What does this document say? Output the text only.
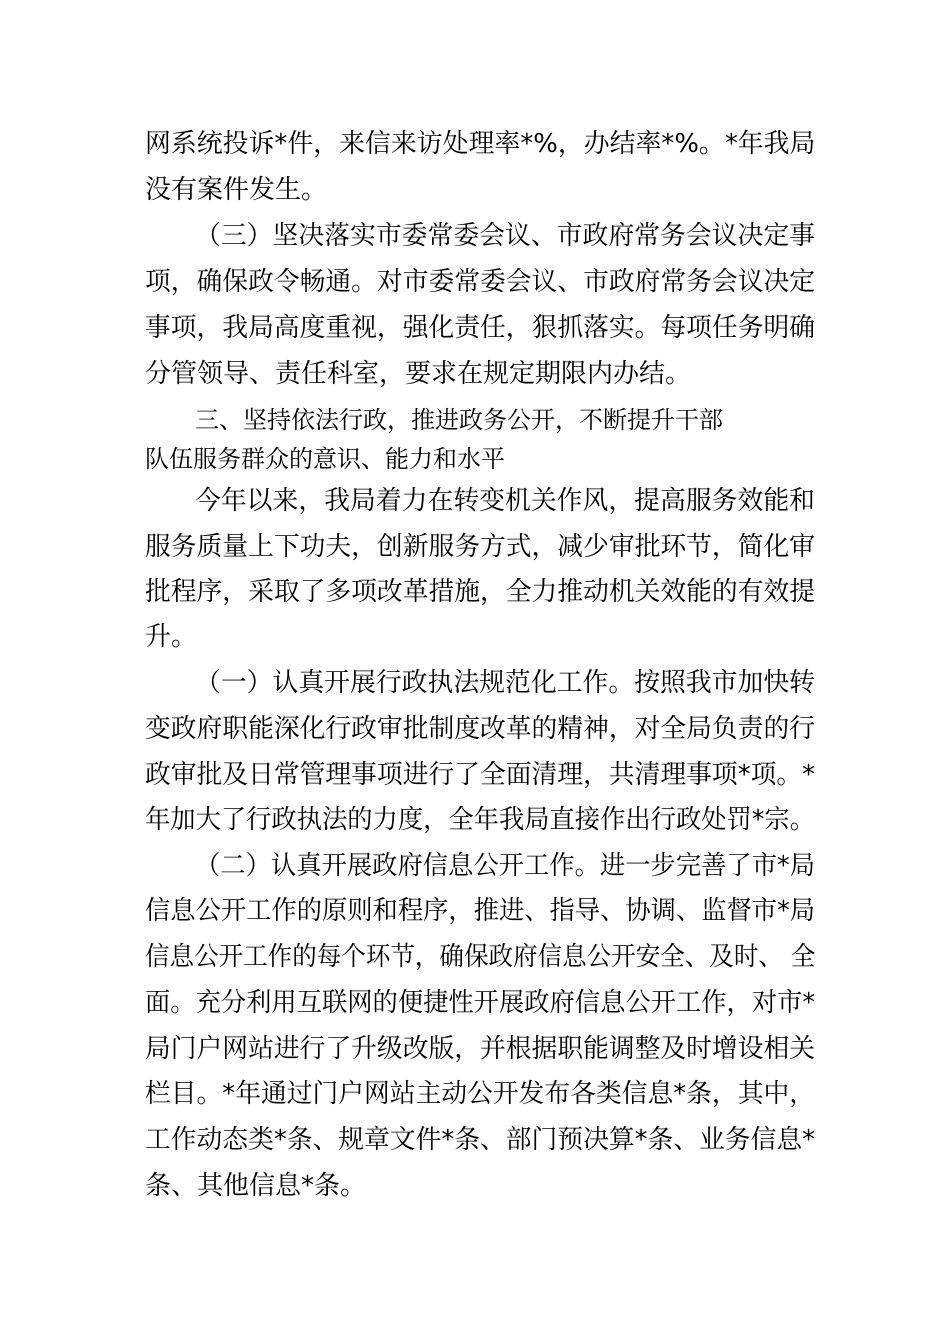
网系统投诉*件，来信来访处理率*%，办结率*%。*年我局

没有案件发生。

（三）坚决落实市委常委会议、市政府常务会议决定事

项，确保政令畅通。对市委常委会议、市政府常务会议决定

事项，我局高度重视，强化责任，狠抓落实。每项任务明确

分管领导、责任科室，要求在规定期限内办结。

三、坚持依法行政，推进政务公开，不断提升干部

队伍服务群众的意识、能力和水平

今年以来，我局着力在转变机关作风，提高服务效能和

服务质量上下功夫，创新服务方式，减少审批环节，简化审

批程序，采取了多项改革措施，全力推动机关效能的有效提

升。

（一）认真开展行政执法规范化工作。按照我市加快转

变政府职能深化行政审批制度改革的精神，对全局负责的行

政审批及日常管理事项进行了全面清理，共清理事项*项。*

年加大了行政执法的力度，全年我局直接作出行政处罚*宗。

（二）认真开展政府信息公开工作。进一步完善了市*局

信息公开工作的原则和程序，推进、指导、协调、监督市*局

信息公开工作的每个环节，确保政府信息公开安全、及时、 全

面。充分利用互联网的便捷性开展政府信息公开工作，对市*

局门户网站进行了升级改版，并根据职能调整及时增设相关

栏目。*年通过门户网站主动公开发布各类信息*条，其中，

工作动态类*条、规章文件*条、部门预决算*条、业务信息*

条、其他信息*条。
